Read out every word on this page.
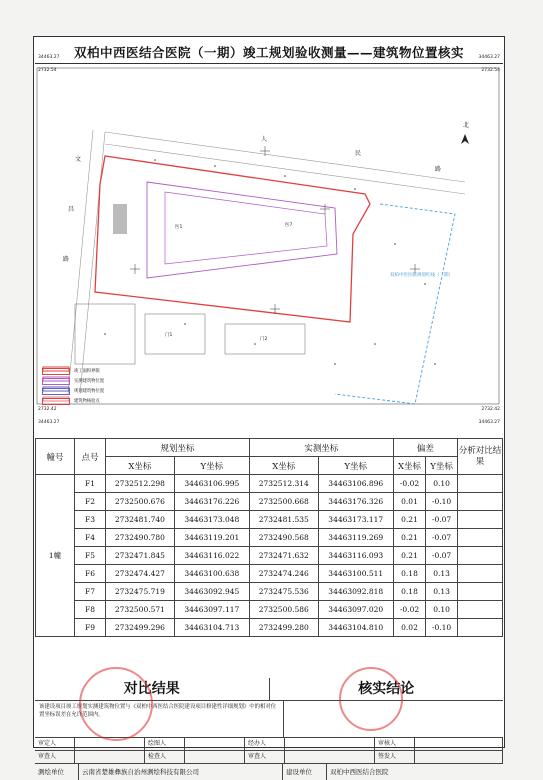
双柏中西医结合医院（一期）竣工规划验收测量——建筑物位置核实
34463.27
2732.54
34463.27
2732.54
2732.42
34463.27
2732.42
34463.27
北
人
民
路
文
昌
路
医1	医7
门1
门2
双柏中医医院规划红线（二期）
竣工面积界限
实测建筑物位置
规划建筑物位置
建筑物核验点
幢号	点号	规划坐标		实测坐标		偏差		分析对比结果
		X坐标	Y坐标	X坐标	Y坐标	X坐标	Y坐标	
1幢	F1	2732512.298	34463106.995	2732512.314	34463106.896	-0.02	0.10	
	F2	2732500.676	34463176.226	2732500.668	34463176.326	0.01	-0.10	
	F3	2732481.740	34463173.048	2732481.535	34463173.117	0.21	-0.07	
	F4	2732490.780	34463119.201	2732490.568	34463119.269	0.21	-0.07	
	F5	2732471.845	34463116.022	2732471.632	34463116.093	0.21	-0.07	
	F6	2732474.427	34463100.638	2732474.246	34463100.511	0.18	0.13	
	F7	2732475.719	34463092.945	2732475.536	34463092.818	0.18	0.13	
	F8	2732500.571	34463097.117	2732500.586	34463097.020	-0.02	0.10	
	F9	2732499.296	34463104.713	2732499.280	34463104.810	0.02	-0.10	
对比结果	核实结论
该建设项目竣工规划实测建筑物位置与《双柏中西医结合医院建设项目修建性详细规划》中的相对位置坐标误差在允许范围内。
审定人	绘图人	经办人	审核人
审查人	检查人	审查人	签发人
测绘单位	云南省楚雄彝族自治州测绘科技有限公司	建设单位	双柏中西医结合医院
